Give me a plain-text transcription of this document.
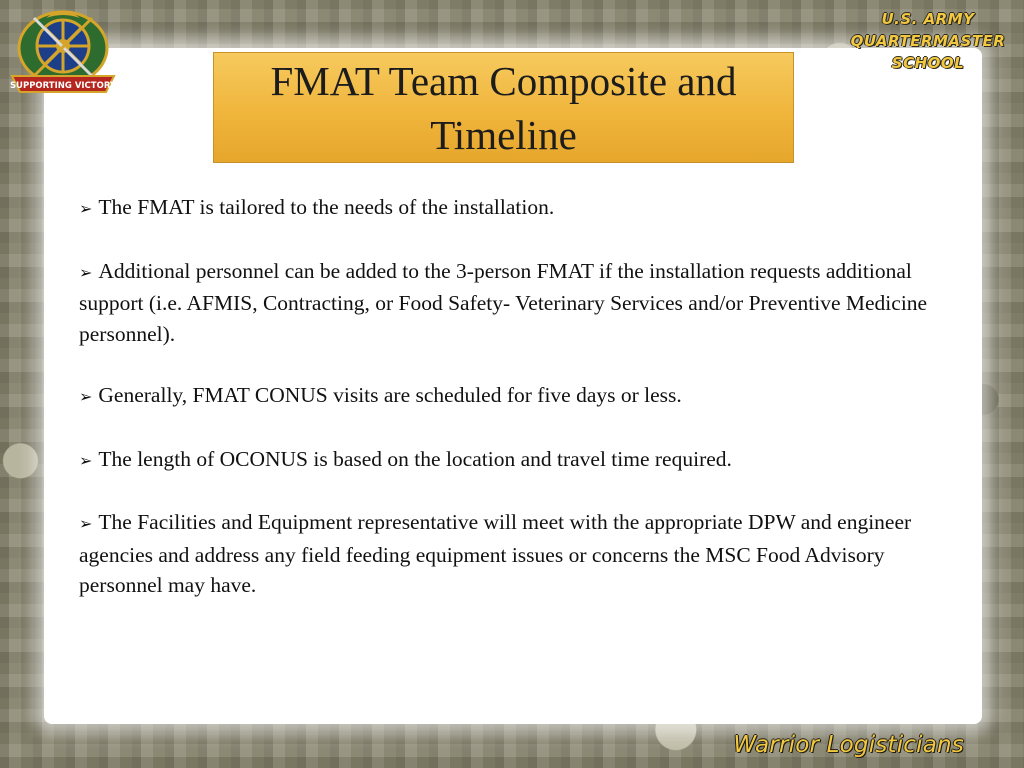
SUPPORTING VICTORY
U.S. ARMY
QUARTERMASTER
SCHOOL
FMAT Team Composite and Timeline

➢ The FMAT is tailored to the needs of the installation.

➢ Additional personnel can be added to the 3-person FMAT if the installation requests additional support (i.e. AFMIS, Contracting, or Food Safety- Veterinary Services and/or Preventive Medicine personnel).

➢ Generally, FMAT CONUS visits are scheduled for five days or less.

➢ The length of OCONUS is based on the location and travel time required.

➢ The Facilities and Equipment representative will meet with the appropriate DPW and engineer agencies and address any field feeding equipment issues or concerns the MSC Food Advisory personnel may have.

Warrior Logisticians
